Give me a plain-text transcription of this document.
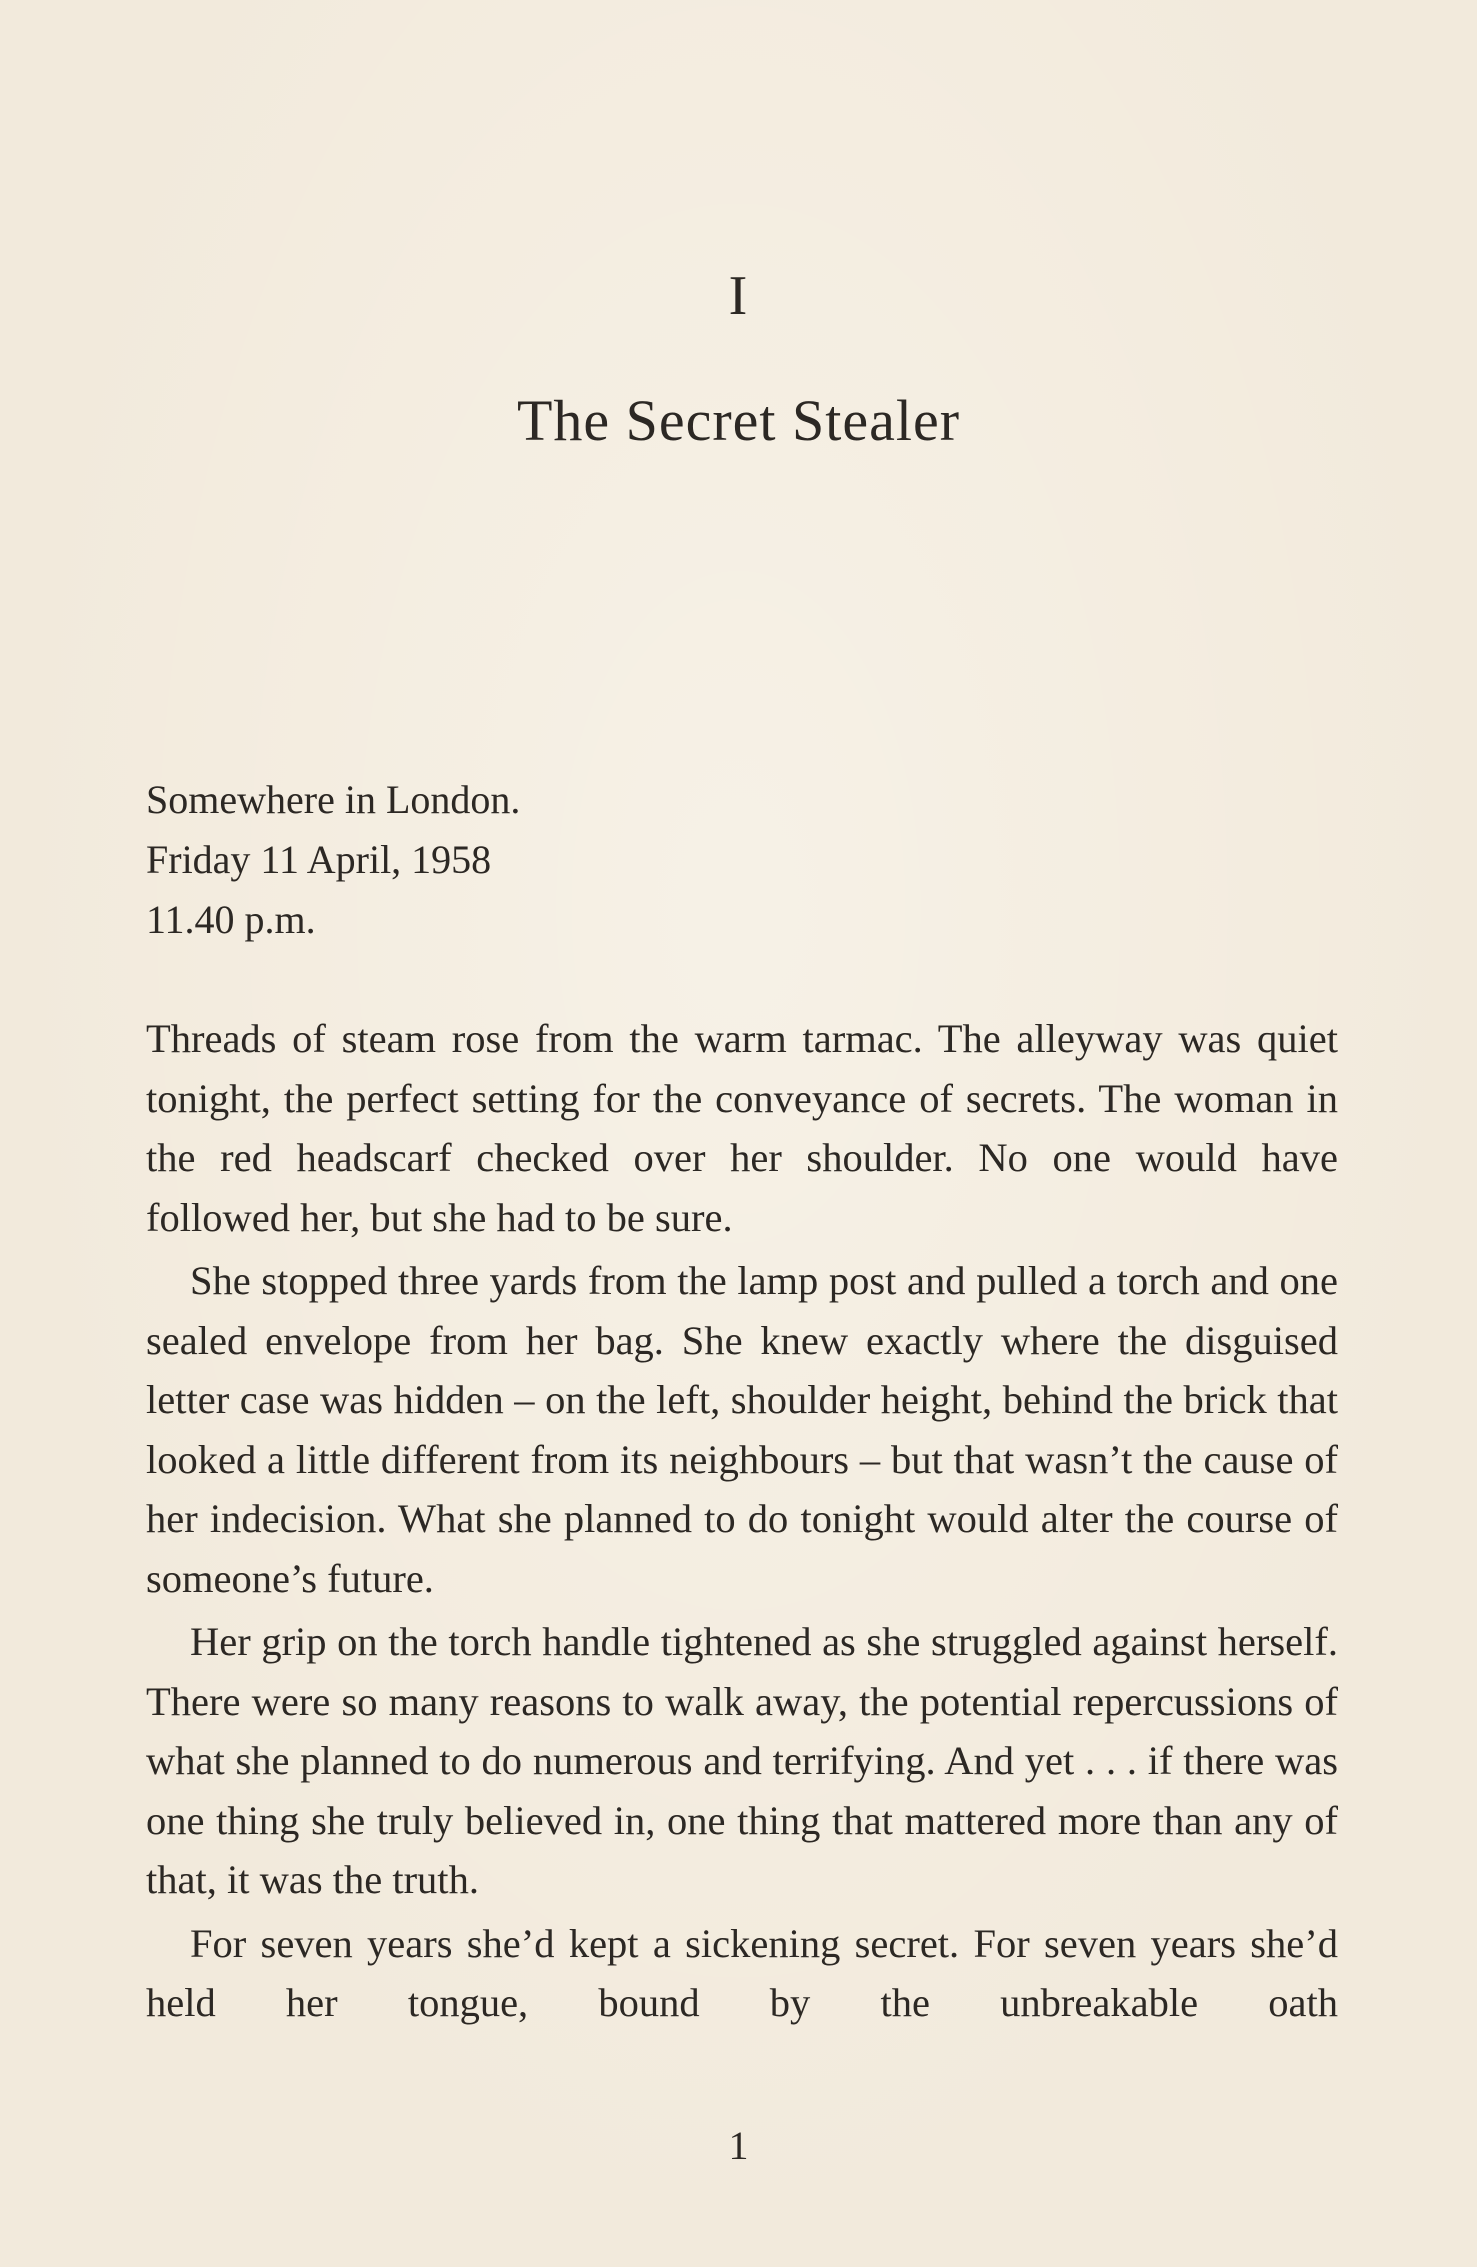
I
The Secret Stealer
Somewhere in London.
Friday 11 April, 1958
11.40 p.m.

Threads of steam rose from the warm tarmac. The alleyway was quiet tonight, the perfect setting for the conveyance of secrets. The woman in the red headscarf checked over her shoulder. No one would have followed her, but she had to be sure.

She stopped three yards from the lamp post and pulled a torch and one sealed envelope from her bag. She knew exactly where the disguised letter case was hidden – on the left, shoulder height, behind the brick that looked a little different from its neighbours – but that wasn’t the cause of her indecision. What she planned to do tonight would alter the course of someone’s future.

Her grip on the torch handle tightened as she struggled against herself. There were so many reasons to walk away, the potential repercussions of what she planned to do numerous and terrifying. And yet . . . if there was one thing she truly believed in, one thing that mattered more than any of that, it was the truth.

For seven years she’d kept a sickening secret. For seven years she’d held her tongue, bound by the unbreakable oath

1
